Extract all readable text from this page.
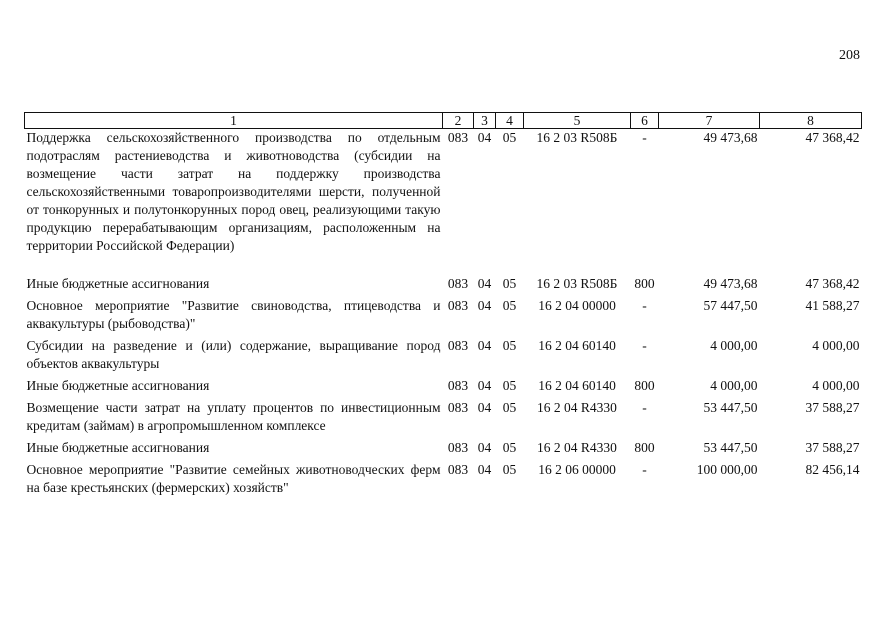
208
1	2	3	4	5	6	7	8
Поддержка сельскохозяйственного производства по отдельным подотраслям растениеводства и животноводства (субсидии на возмещение части затрат на поддержку производства сельскохозяйственными товаропроизводителями шерсти, полученной от тонкорунных и полутонкорунных пород овец, реализующими такую продукцию перерабатывающим организациям, расположенным на территории Российской Федерации)	083	04	05	16 2 03 R508Б	-	49 473,68	47 368,42
Иные бюджетные ассигнования	083	04	05	16 2 03 R508Б	800	49 473,68	47 368,42
Основное мероприятие "Развитие свиноводства, птицеводства и аквакультуры (рыбоводства)"	083	04	05	16 2 04 00000	-	57 447,50	41 588,27
Субсидии на разведение и (или) содержание, выращивание пород объектов аквакультуры	083	04	05	16 2 04 60140	-	4 000,00	4 000,00
Иные бюджетные ассигнования	083	04	05	16 2 04 60140	800	4 000,00	4 000,00
Возмещение части затрат на уплату процентов по инвестиционным кредитам (займам) в агропромышленном комплексе	083	04	05	16 2 04 R4330	-	53 447,50	37 588,27
Иные бюджетные ассигнования	083	04	05	16 2 04 R4330	800	53 447,50	37 588,27
Основное мероприятие "Развитие семейных животноводческих ферм на базе крестьянских (фермерских) хозяйств"	083	04	05	16 2 06 00000	-	100 000,00	82 456,14
